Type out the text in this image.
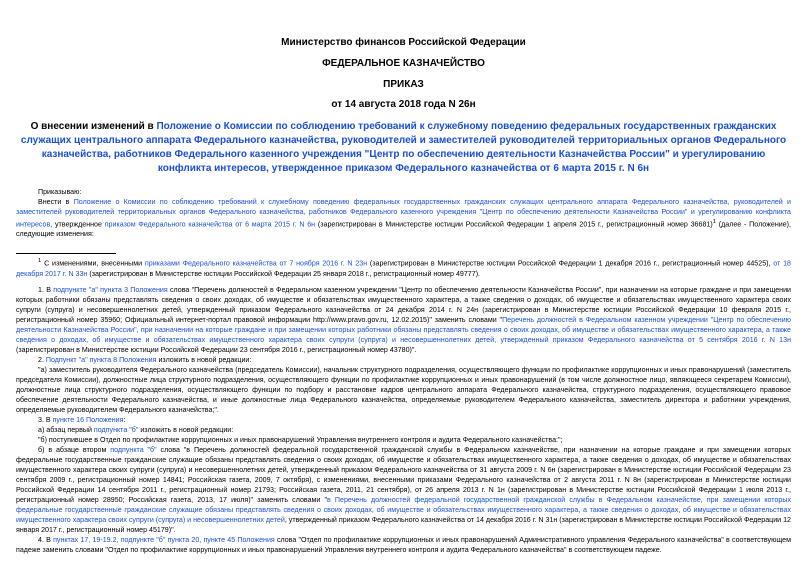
Министерство финансов Российской Федерации
ФЕДЕРАЛЬНОЕ КАЗНАЧЕЙСТВО
ПРИКАЗ
от 14 августа 2018 года N 26н
О внесении изменений в Положение о Комиссии по соблюдению требований к служебному поведению федеральных государственных гражданских служащих центрального аппарата Федерального казначейства, руководителей и заместителей руководителей территориальных органов Федерального казначейства, работников Федерального казенного учреждения "Центр по обеспечению деятельности Казначейства России" и урегулированию конфликта интересов, утвержденное приказом Федерального казначейства от 6 марта 2015 г. N 6н

Приказываю:

Внести в Положение о Комиссии по соблюдению требований к служебному поведению федеральных государственных гражданских служащих центрального аппарата Федерального казначейства, руководителей и заместителей руководителей территориальных органов Федерального казначейства, работников Федерального казенного учреждения "Центр по обеспечению деятельности Казначейства России" и урегулированию конфликта интересов, утвержденное приказом Федерального казначейства от 6 марта 2015 г. N 6н (зарегистрирован в Министерстве юстиции Российской Федерации 1 апреля 2015 г., регистрационный номер 36681)$^1$ (далее - Положение), следующие изменения:

$^1$ С изменениями, внесенными приказами Федерального казначейства от 7 ноября 2016 г. N 23н (зарегистрирован в Министерстве юстиции Российской Федерации 1 декабря 2016 г., регистрационный номер 44525), от 18 декабря 2017 г. N 33н (зарегистрирован в Министерстве юстиции Российской Федерации 25 января 2018 г., регистрационный номер 49777).

1. В подпункте "а" пункта 3 Положения слова "Перечень должностей в Федеральном казенном учреждении "Центр по обеспечению деятельности Казначейства России", при назначении на которые граждане и при замещении которых работники обязаны представлять сведения о своих доходах, об имуществе и обязательствах имущественного характера, а также сведения о доходах, об имуществе и обязательствах имущественного характера своих супруги (супруга) и несовершеннолетних детей, утвержденный приказом Федерального казначейства от 24 декабря 2014 г. N 24н (зарегистрирован в Министерстве юстиции Российской Федерации 10 февраля 2015 г., регистрационный номер 35960; Официальный интернет-портал правовой информации http://www.pravo.gov.ru, 12.02.2015)" заменить словами "Перечень должностей в Федеральном казенном учреждении "Центр по обеспечению деятельности Казначейства России", при назначении на которые граждане и при замещении которых работники обязаны представлять сведения о своих доходах, об имуществе и обязательствах имущественного характера, а также сведения о доходах, об имуществе и обязательствах имущественного характера своих супруги (супруга) и несовершеннолетних детей, утвержденный приказом Федерального казначейства от 5 сентября 2016 г. N 13н (зарегистрирован в Министерстве юстиции Российской Федерации 23 сентября 2016 г., регистрационный номер 43780)".

2. Подпункт "а" пункта 8 Положения изложить в новой редакции:

"а) заместитель руководителя Федерального казначейства (председатель Комиссии), начальник структурного подразделения, осуществляющего функции по профилактике коррупционных и иных правонарушений (заместитель председателя Комиссии), должностные лица структурного подразделения, осуществляющего функции по профилактике коррупционных и иных правонарушений (в том числе должностное лицо, являющееся секретарем Комиссии), должностные лица структурного подразделения, осуществляющего функции по подбору и расстановке кадров центрального аппарата Федерального казначейства, структурного подразделения, осуществляющего правовое обеспечение деятельности Федерального казначейства, и иные должностные лица Федерального казначейства, определяемые руководителем Федерального казначейства, заместитель директора и работники учреждения, определяемые руководителем Федерального казначейства;".

3. В пункте 16 Положения:

а) абзац первый подпункта "б" изложить в новой редакции:

"б) поступившее в Отдел по профилактике коррупционных и иных правонарушений Управления внутреннего контроля и аудита Федерального казначейства:";

б) в абзаце втором подпункта "б" слова "в Перечень должностей федеральной государственной гражданской службы в Федеральном казначействе, при назначении на которые граждане и при замещении которых федеральные государственные гражданские служащие обязаны представлять сведения о своих доходах, об имуществе и обязательствах имущественного характера, а также сведения о доходах, об имуществе и обязательствах имущественного характера своих супруги (супруга) и несовершеннолетних детей, утвержденный приказом Федерального казначейства от 31 августа 2009 г. N 6н (зарегистрирован в Министерстве юстиции Российской Федерации 23 сентября 2009 г., регистрационный номер 14841; Российская газета, 2009, 7 октября), с изменениями, внесенными приказами Федерального казначейства от 2 августа 2011 г. N 8н (зарегистрирован в Министерстве юстиции Российской Федерации 14 сентября 2011 г., регистрационный номер 21793; Российская газета, 2011, 21 сентября), от 26 апреля 2013 г. N 1н (зарегистрирован в Министерстве юстиции Российской Федерации 1 июля 2013 г., регистрационный номер 28950; Российская газета, 2013, 17 июля)" заменить словами "в Перечень должностей федеральной государственной гражданской службы в Федеральном казначействе, при замещении которых федеральные государственные гражданские служащие обязаны представлять сведения о своих доходах, об имуществе и обязательствах имущественного характера, а также сведения о доходах, об имуществе и обязательствах имущественного характера своих супруги (супруга) и несовершеннолетних детей, утвержденный приказом Федерального казначейства от 14 декабря 2016 г. N 31н (зарегистрирован в Министерстве юстиции Российской Федерации 12 января 2017 г., регистрационный номер 45179)".

4. В пунктах 17, 19-19.2, подпункте "б" пункта 20, пункте 45 Положения слова "Отдел по профилактике коррупционных и иных правонарушений Административного управления Федерального казначейства" в соответствующем падеже заменить словами "Отдел по профилактике коррупционных и иных правонарушений Управления внутреннего контроля и аудита Федерального казначейства" в соответствующем падеже.
